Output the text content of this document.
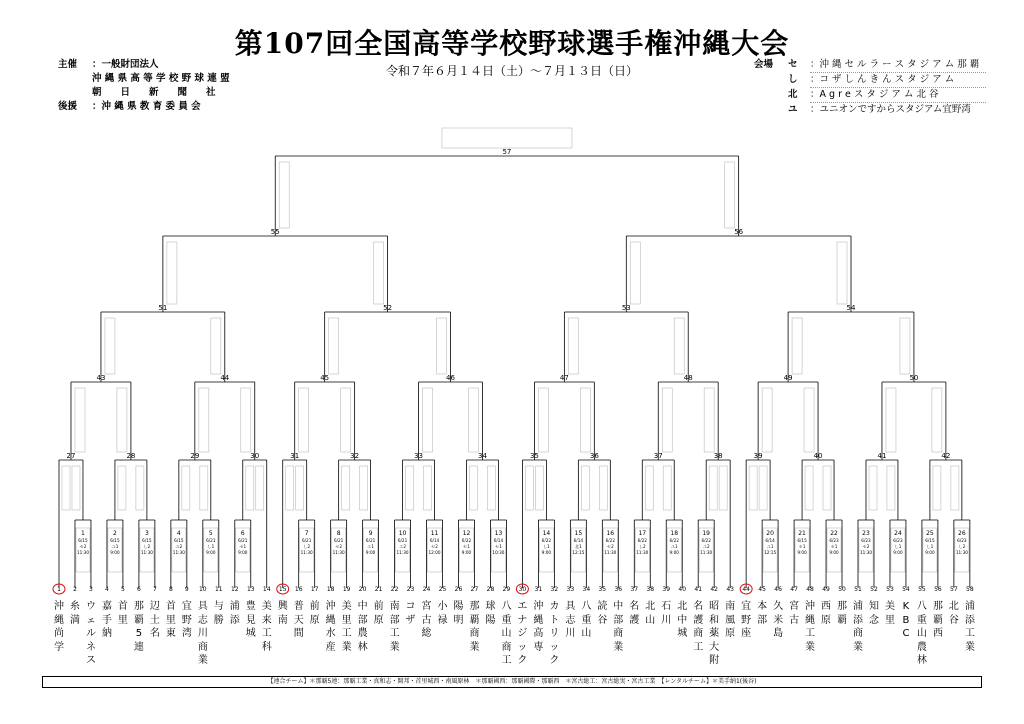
第107回全国高等学校野球選手権沖縄大会
令和７年６月１４日（土）～７月１３日（日）
主催	：一般財団法人
沖 縄 県 高 等 学 校 野 球 連 盟
朝　　日　　新　　聞　　社
後援	：沖 縄 県 教 育 委 員 会
会場	セ	：沖 縄 セ ル ラ ー ス タ ジ ア ム 那 覇
し	：コ ザ し ん き ん ス タ ジ ア ム
北	：A g r e ス タ ジ ア ム 北 谷
ユ	：ユニオンですからスタジアム宜野湾
1
6/15
セ2
11:30
2
6/15
ユ1
9:00
3
6/15
し2
11:30
4
6/15
ユ2
11:30
5
6/21
し1
9:00
6
6/21
セ1
9:00
7
6/21
し2
11:30
8
6/21
セ2
11:30
9
6/21
ユ1
9:00
10
6/21
ユ2
11:30
11
6/14
セ2
12:00
12
6/22
セ1
9:00
13
6/14
セ1
10:30
14
6/22
し1
9:00
15
6/14
北1
12:15
16
6/22
セ2
11:30
17
6/22
し2
11:30
18
6/22
ユ1
9:00
19
6/22
ユ2
11:30
20
6/14
ユ1
12:15
21
6/15
セ1
9:00
22
6/23
セ1
9:00
23
6/23
セ2
11:30
24
6/23
し1
9:00
25
6/15
し1
9:00
26
6/23
し2
11:30
27	28	29	30	31	32	33	34	35	36	37	38	39	40	41	42
43	44	45	46	47	48	49	50
51	52	53	54
55	56
57
1 2 3 4 5 6 7 8 9 10 11 12 13 14 15 16 17 18 19 20 21 22 23 24 25 26 27 28 29 30 31 32 33 34 35 36 37 38 39 40 41 42 43 44 45 46 47 48 49 50 51 52 53 54 55 56 57 58
沖
縄
尚
学
糸
満
ウ
ェ
ル
ネ
ス
嘉
手
納
首
里
那
覇
5
連
辺
土
名
首
里
東
宜
野
湾
具
志
川
商
業
与
勝
浦
添
豊
見
城
美
来
工
科
興
南
普
天
間
前
原
沖
縄
水
産
美
里
工
業
中
部
農
林
前
原
南
部
工
業
コ
ザ
宮
古
総
小
禄
陽
明
那
覇
商
業
球
陽
八
重
山
商
工
エ
ナ
ジ
ッ
ク
沖
縄
高
専
カ
ト
リ
ッ
ク
具
志
川
八
重
山
読
谷
中
部
商
業
名
護
北
山
石
川
北
中
城
名
護
商
工
昭
和
薬
大
附
南
風
原
宜
野
座
本
部
久
米
島
宮
古
沖
縄
工
業
西
原
那
覇
浦
添
商
業
知
念
美
里
K
B
C
八
重
山
農
林
那
覇
西
北
谷
浦
添
工
業
【連合チーム】＊那覇5連：那覇工業・真和志・開邦・首里城西・南風原林　＊那覇國西：那覇國際・那覇西　＊宮古総工：宮古総実・宮古工業　【レンタルチーム】＊美手納1(後谷)
